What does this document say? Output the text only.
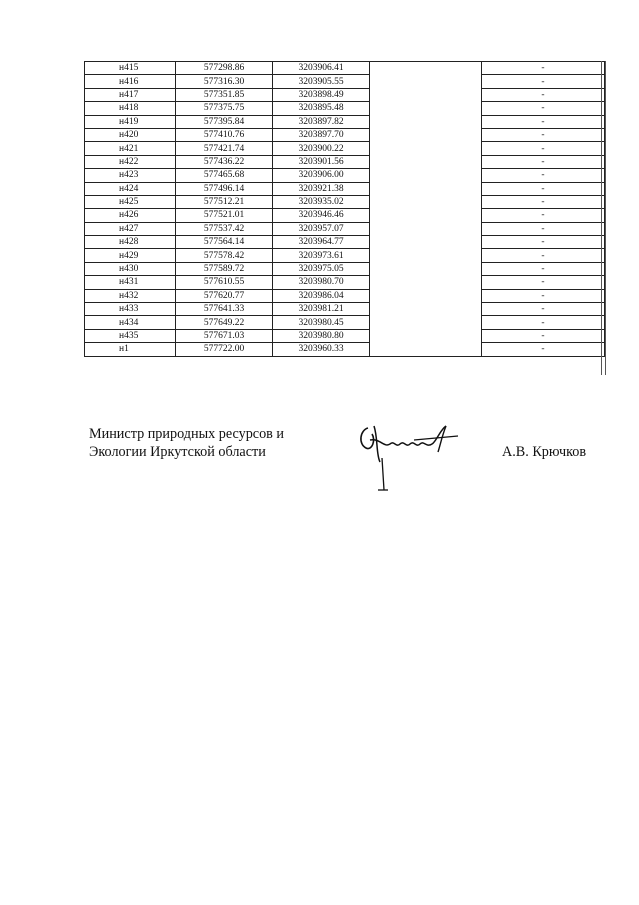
н415	577298.86	3203906.41		-
н416	577316.30	3203905.55		-
н417	577351.85	3203898.49		-
н418	577375.75	3203895.48		-
н419	577395.84	3203897.82		-
н420	577410.76	3203897.70		-
н421	577421.74	3203900.22		-
н422	577436.22	3203901.56		-
н423	577465.68	3203906.00		-
н424	577496.14	3203921.38		-
н425	577512.21	3203935.02		-
н426	577521.01	3203946.46		-
н427	577537.42	3203957.07		-
н428	577564.14	3203964.77		-
н429	577578.42	3203973.61		-
н430	577589.72	3203975.05		-
н431	577610.55	3203980.70		-
н432	577620.77	3203986.04		-
н433	577641.33	3203981.21		-
н434	577649.22	3203980.45		-
н435	577671.03	3203980.80		-
н1	577722.00	3203960.33		-
Министр природных ресурсов и
Экологии Иркутской области	А.В. Крючков
